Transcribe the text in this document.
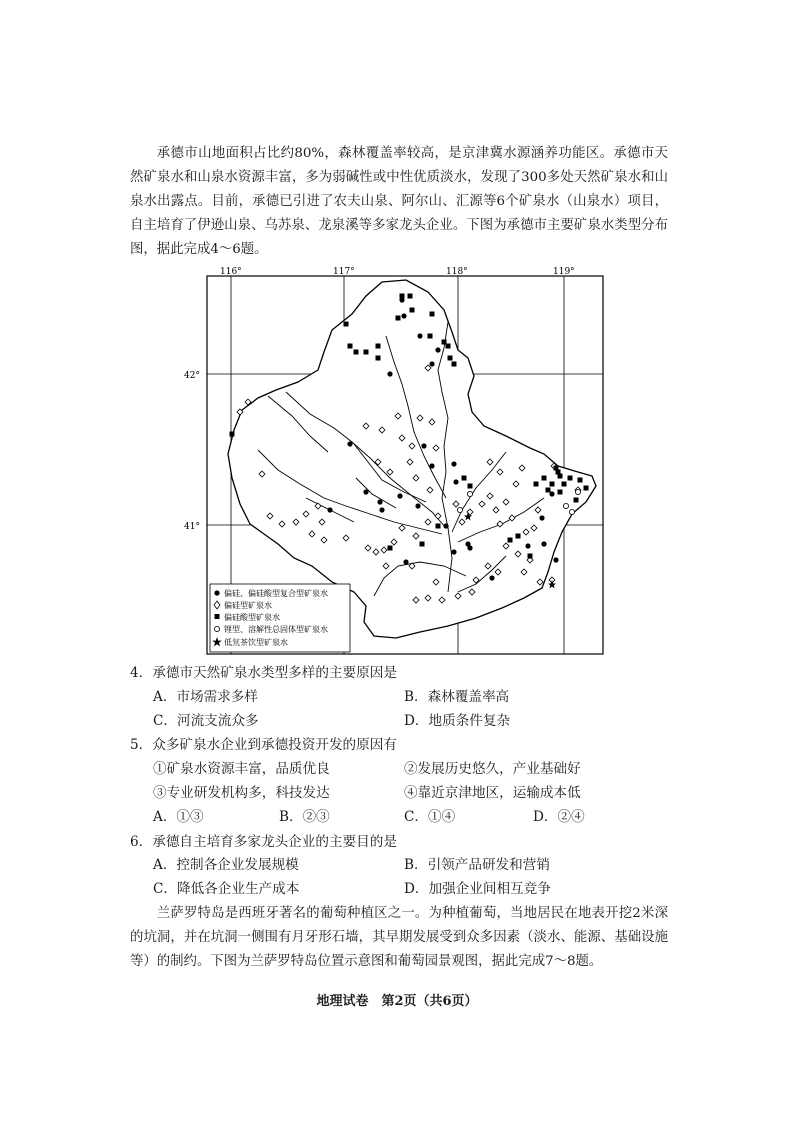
承德市山地面积占比约80%，森林覆盖率较高，是京津冀水源涵养功能区。承德市天然矿泉水和山泉水资源丰富，多为弱碱性或中性优质淡水，发现了300多处天然矿泉水和山泉水出露点。目前，承德已引进了农夫山泉、阿尔山、汇源等6个矿泉水（山泉水）项目，自主培育了伊逊山泉、乌苏泉、龙泉溪等多家龙头企业。下图为承德市主要矿泉水类型分布图，据此完成4～6题。
116°	117°	118°	119°
42°
41°
偏硅、偏硅酸型复合型矿泉水
偏硅型矿泉水
偏硅酸型矿泉水
锂型、溶解性总固体型矿泉水
低氘茶饮型矿泉水
4．承德市天然矿泉水类型多样的主要原因是
A．市场需求多样	B．森林覆盖率高
C．河流支流众多	D．地质条件复杂
5．众多矿泉水企业到承德投资开发的原因有
①矿泉水资源丰富，品质优良	②发展历史悠久，产业基础好
③专业研发机构多，科技发达	④靠近京津地区，运输成本低
A．①③	B．②③	C．①④	D．②④
6．承德自主培育多家龙头企业的主要目的是
A．控制各企业发展规模	B．引领产品研发和营销
C．降低各企业生产成本	D．加强企业间相互竞争
兰萨罗特岛是西班牙著名的葡萄种植区之一。为种植葡萄，当地居民在地表开挖2米深的坑洞，并在坑洞一侧围有月牙形石墙，其早期发展受到众多因素（淡水、能源、基础设施等）的制约。下图为兰萨罗特岛位置示意图和葡萄园景观图，据此完成7～8题。
地理试卷　第2页（共6页）
